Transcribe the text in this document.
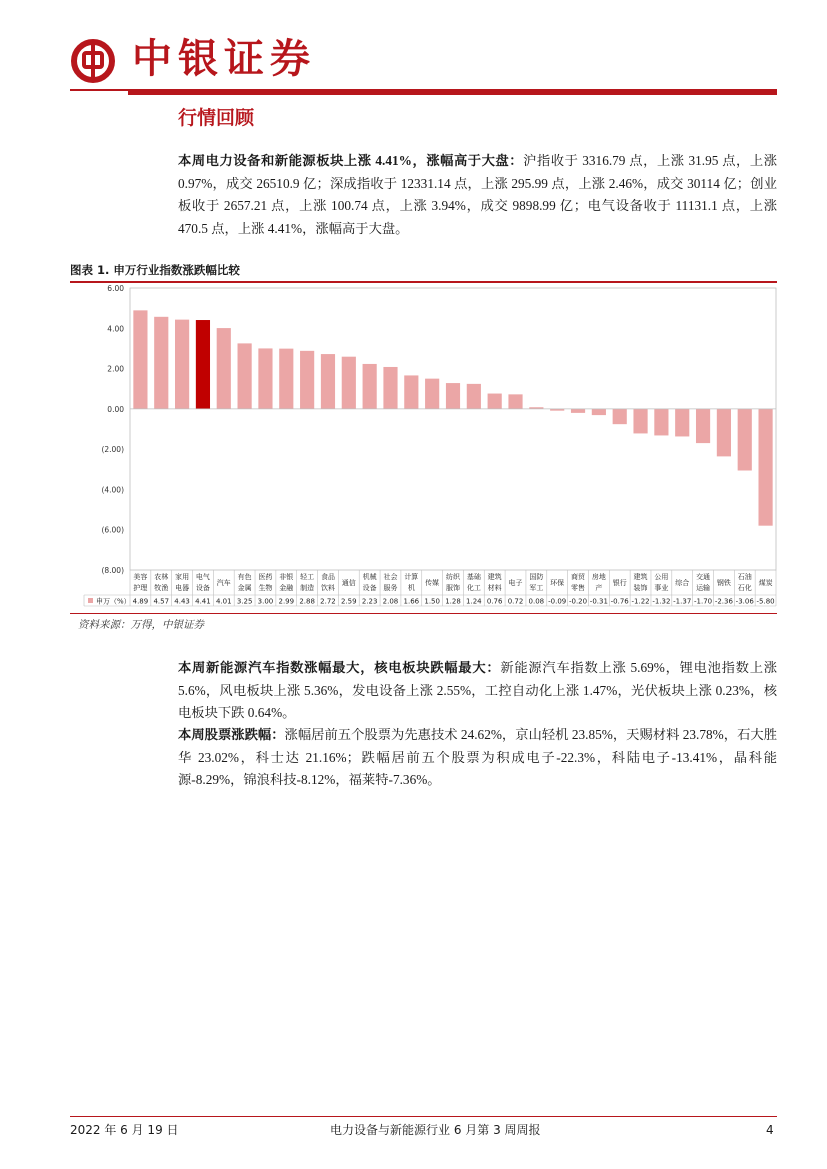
中银证券
行情回顾
本周电力设备和新能源板块上涨 4.41%，涨幅高于大盘：沪指收于 3316.79 点，上涨 31.95 点，上涨 0.97%，成交 26510.9 亿；深成指收于 12331.14 点，上涨 295.99 点，上涨 2.46%，成交 30114 亿；创业板收于 2657.21 点，上涨 100.74 点，上涨 3.94%，成交 9898.99 亿；电气设备收于 11131.1 点，上涨 470.5 点，上涨 4.41%，涨幅高于大盘。
图表 1. 申万行业指数涨跌幅比较
6.00
4.00
2.00
0.00
(2.00)
(4.00)
(6.00)
(8.00)
美容
护理
农林
牧渔
家用
电器
电气
设备
汽车
有色
金属
医药
生物
非银
金融
轻工
制造
食品
饮料
通信
机械
设备
社会
服务
计算
机
传媒
纺织
服饰
基础
化工
建筑
材料
电子
国防
军工
环保
商贸
零售
房地
产
银行
建筑
装饰
公用
事业
综合
交通
运输
钢铁
石油
石化
煤炭
申万（%） 4.89 4.57 4.43 4.41 4.01 3.25 3.00 2.99 2.88 2.72 2.59 2.23 2.08 1.66 1.50 1.28 1.24 0.76 0.72 0.08 -0.09 -0.20 -0.31 -0.76 -1.22 -1.32 -1.37 -1.70 -2.36 -3.06 -5.80
资料来源：万得，中银证券
本周新能源汽车指数涨幅最大，核电板块跌幅最大：新能源汽车指数上涨 5.69%，锂电池指数上涨 5.6%，风电板块上涨 5.36%，发电设备上涨 2.55%，工控自动化上涨 1.47%，光伏板块上涨 0.23%，核电板块下跌 0.64%。
本周股票涨跌幅：涨幅居前五个股票为先惠技术 24.62%，京山轻机 23.85%，天赐材料 23.78%，石大胜华 23.02%，科士达 21.16%；跌幅居前五个股票为积成电子-22.3%，科陆电子-13.41%，晶科能源-8.29%，锦浪科技-8.12%，福莱特-7.36%。
2022 年 6 月 19 日	电力设备与新能源行业 6 月第 3 周周报	4
